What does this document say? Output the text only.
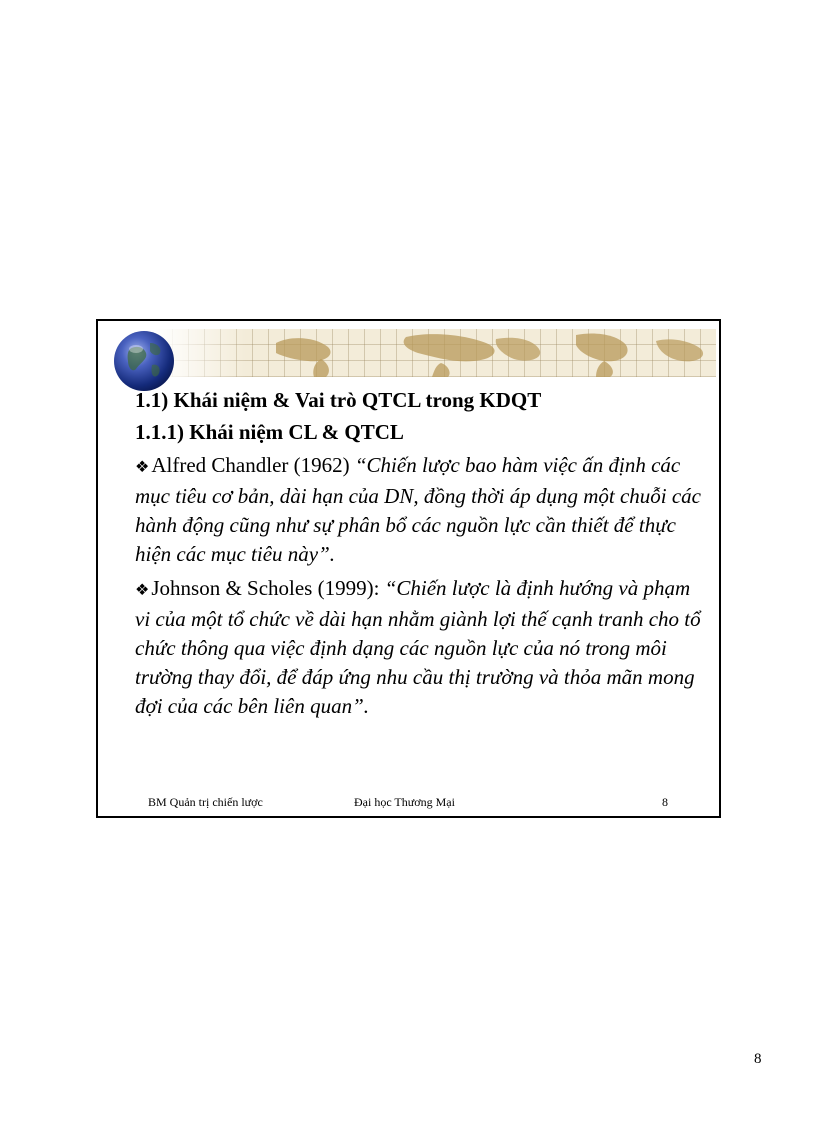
1.1) Khái niệm & Vai trò QTCL trong KDQT
1.1.1) Khái niệm CL & QTCL
❖Alfred Chandler (1962) “Chiến lược bao hàm việc ấn định các mục tiêu cơ bản, dài hạn của DN, đồng thời áp dụng một chuỗi các hành động cũng như sự phân bổ các nguồn lực cần thiết để thực hiện các mục tiêu này”.
❖Johnson & Scholes (1999): “Chiến lược là định hướng và phạm vi của một tổ chức về dài hạn nhằm giành lợi thế cạnh tranh cho tổ chức thông qua việc định dạng các nguồn lực của nó trong môi trường thay đổi, để đáp ứng nhu cầu thị trường và thỏa mãn mong đợi của các bên liên quan”.
BM Quản trị chiến lược	Đại học Thương Mại	8
8
